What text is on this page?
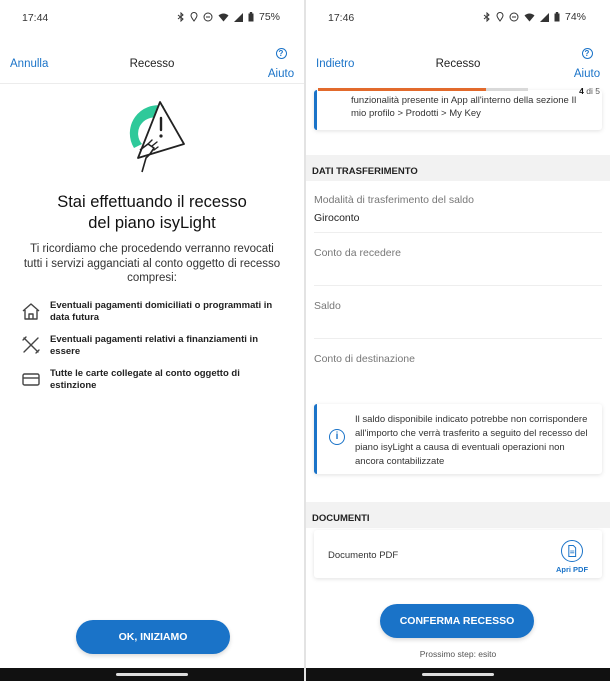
17:44	75%
Annulla	Recesso
Stai effettuando il recesso
del piano isyLight
Ti ricordiamo che procedendo verranno revocati tutti i servizi agganciati al conto oggetto di recesso compresi:
Eventuali pagamenti domiciliati o programmati in data futura
Eventuali pagamenti relativi a finanziamenti in essere
Tutte le carte collegate al conto oggetto di estinzione
OK, INIZIAMO
17:46	74%
funzionalità presente in App all'interno della sezione Il mio profilo > Prodotti > My Key
Indietro	Recesso
?
Aiuto
4 di 5
DATI TRASFERIMENTO
Modalità di trasferimento del saldo
Giroconto
Conto da recedere
Saldo
Conto di destinazione
i
Il saldo disponibile indicato potrebbe non corrispondere all'importo che verrà trasferito a seguito del recesso del piano isyLight a causa di eventuali operazioni non ancora contabilizzate
DOCUMENTI
Documento PDF
Apri PDF
CONFERMA RECESSO
Prossimo step: esito
?
Aiuto
